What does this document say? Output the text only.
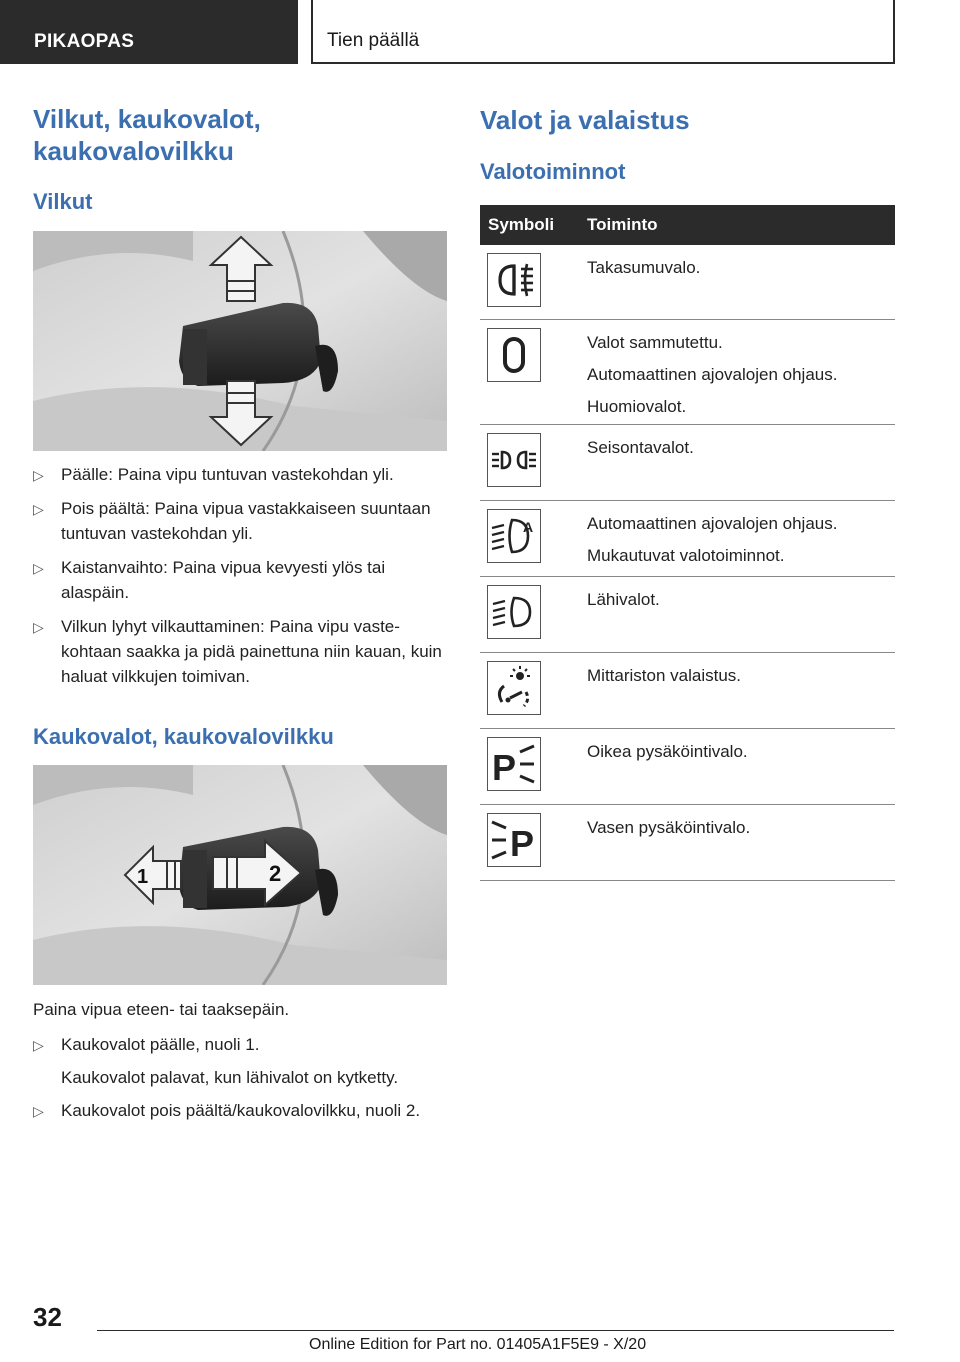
PIKAOPAS	Tien päällä
Vilkut, kaukovalot,
kaukovalovilkku
Vilkut
▷ Päälle: Paina vipu tuntuvan vastekohdan yli.
▷ Pois päältä: Paina vipua vastakkaiseen suuntaan tuntuvan vastekohdan yli.
▷ Kaistanvaihto: Paina vipua kevyesti ylös tai alaspäin.
▷ Vilkun lyhyt vilkauttaminen: Paina vipu vastekohtaan saakka ja pidä painettuna niin kauan, kuin haluat vilkkujen toimivan.
Kaukovalot, kaukovalovilkku
1	2
Paina vipua eteen- tai taaksepäin.
▷ Kaukovalot päälle, nuoli 1.
Kaukovalot palavat, kun lähivalot on kytketty.
▷ Kaukovalot pois päältä/kaukovalovilkku, nuoli 2.
Valot ja valaistus
Valotoiminnot
Symboli Toiminto
Takasumuvalo.
Valot sammutettu.
Automaattinen ajovalojen ohjaus.
Huomiovalot.
Seisontavalot.
A	Automaattinen ajovalojen ohjaus.
Mukautuvat valotoiminnot.
Lähivalot.
Mittariston valaistus.
P	Oikea pysäköintivalo.
P	Vasen pysäköintivalo.
32
Online Edition for Part no. 01405A1F5E9 - X/20
